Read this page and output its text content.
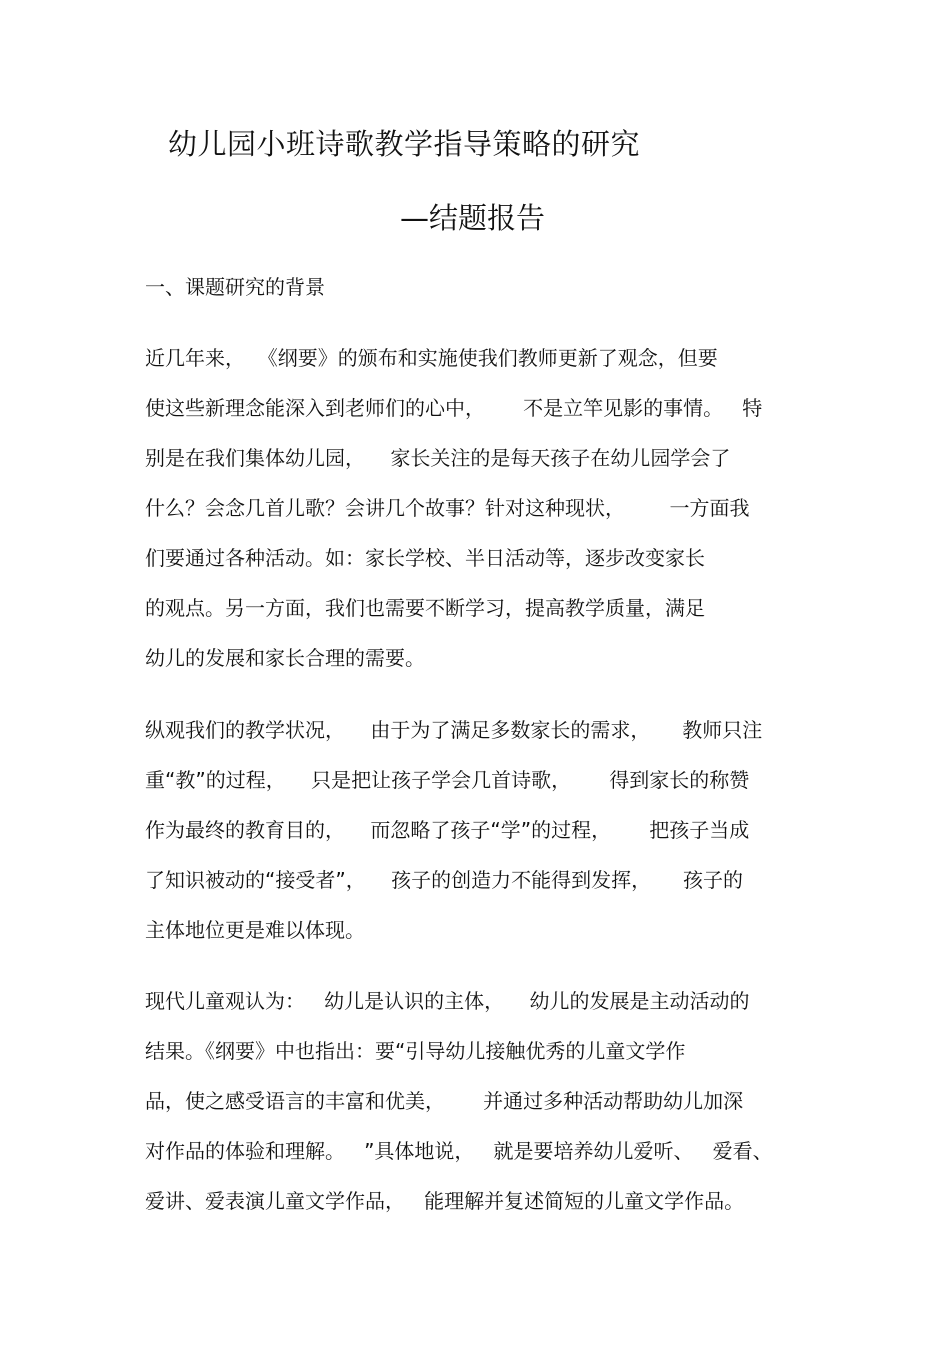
幼儿园小班诗歌教学指导策略的研究
—结题报告
一、课题研究的背景
近几年来，  《纲要》的颁布和实施使我们教师更新了观念，但要
使这些新理念能深入到老师们的心中，      不是立竿见影的事情。   特
别是在我们集体幼儿园，    家长关注的是每天孩子在幼儿园学会了
什么？会念几首儿歌？会讲几个故事？针对这种现状，       一方面我
们要通过各种活动。如：家长学校、半日活动等，逐步改变家长
的观点。另一方面，我们也需要不断学习，提高教学质量，满足
幼儿的发展和家长合理的需要。
纵观我们的教学状况，    由于为了满足多数家长的需求，     教师只注
重“教”的过程，    只是把让孩子学会几首诗歌，      得到家长的称赞
作为最终的教育目的，    而忽略了孩子“学”的过程，      把孩子当成
了知识被动的“接受者”，    孩子的创造力不能得到发挥，     孩子的
主体地位更是难以体现。
现代儿童观认为：   幼儿是认识的主体，    幼儿的发展是主动活动的
结果。《纲要》中也指出：要“引导幼儿接触优秀的儿童文学作
品，使之感受语言的丰富和优美，      并通过多种活动帮助幼儿加深
对作品的体验和理解。   ”具体地说，   就是要培养幼儿爱听、   爱看、
爱讲、爱表演儿童文学作品，   能理解并复述简短的儿童文学作品。
